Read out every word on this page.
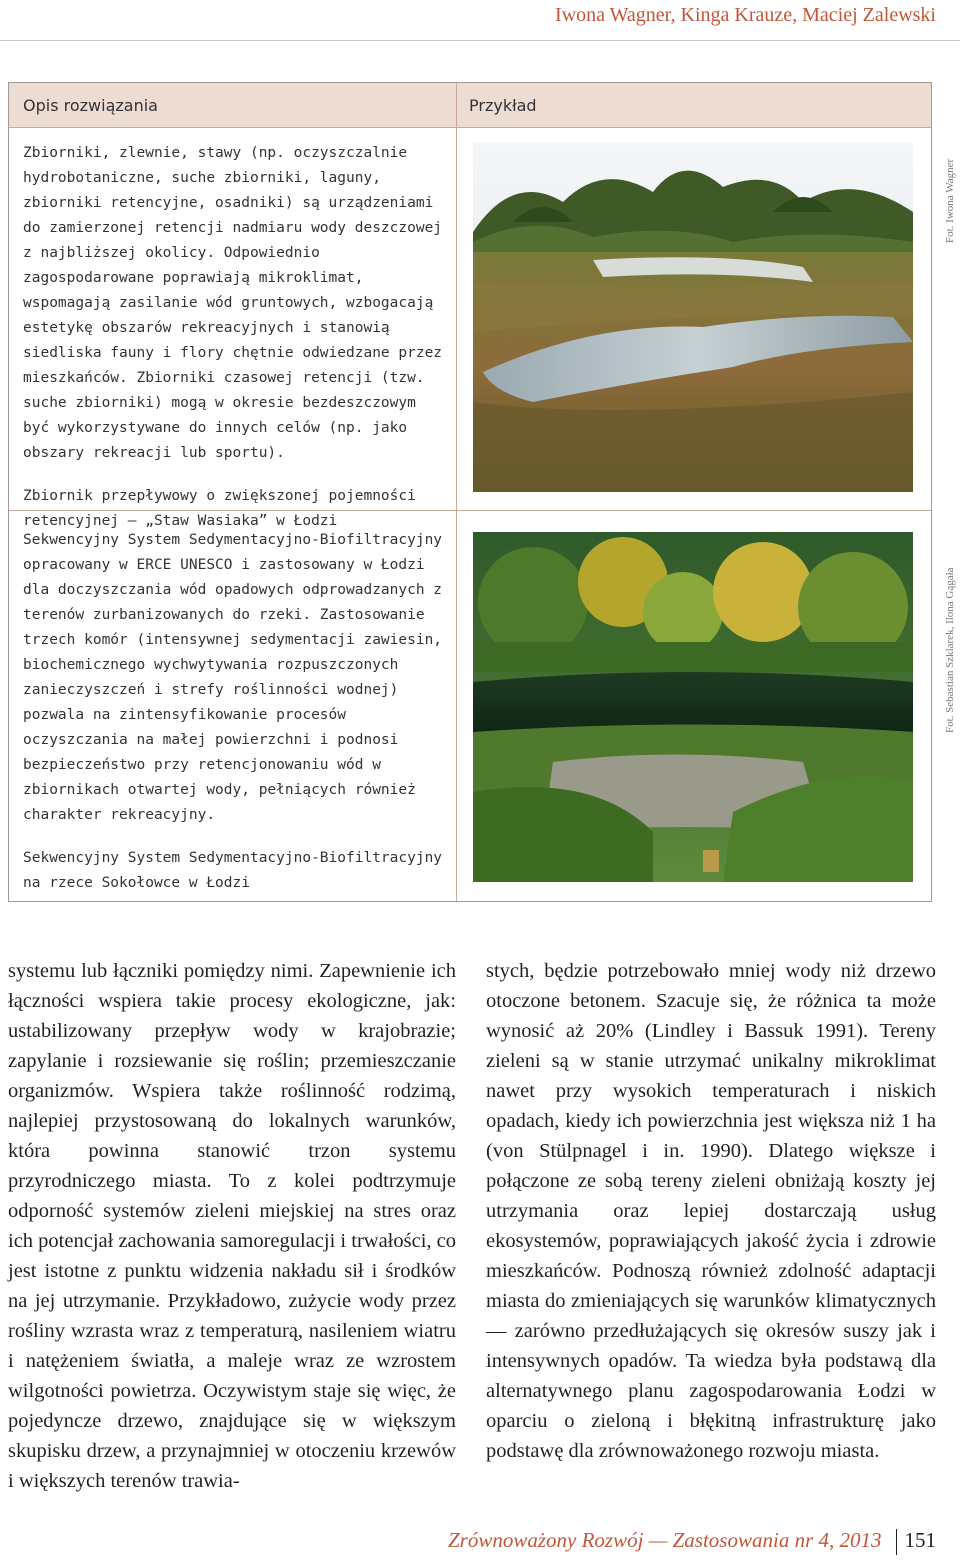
Iwona Wagner, Kinga Krauze, Maciej Zalewski
Opis rozwiązania	Przykład

Zbiorniki, zlewnie, stawy (np. oczyszczalnie hydrobotaniczne, suche zbiorniki, laguny, zbiorniki retencyjne, osadniki) są urządzeniami do zamierzonej retencji nadmiaru wody deszczowej z najbliższej okolicy. Odpowiednio zagospodarowane poprawiają mikroklimat, wspomagają zasilanie wód gruntowych, wzbogacają estetykę obszarów rekreacyjnych i stanowią siedliska fauny i flory chętnie odwiedzane przez mieszkańców. Zbiorniki czasowej retencji (tzw. suche zbiorniki) mogą w okresie bezdeszczowym być wykorzystywane do innych celów (np. jako obszary rekreacji lub sportu).

Zbiornik przepływowy o zwiększonej pojemności retencyjnej — „Staw Wasiaka” w Łodzi

Fot. Iwona Wagner

Sekwencyjny System Sedymentacyjno-Biofiltracyjny opracowany w ERCE UNESCO i zastosowany w Łodzi dla doczyszczania wód opadowych odprowadzanych z terenów zurbanizowanych do rzeki. Zastosowanie trzech komór (intensywnej sedymentacji zawiesin, biochemicznego wychwytywania rozpuszczonych zanieczyszczeń i strefy roślinności wodnej) pozwala na zintensyfikowanie procesów oczyszczania na małej powierzchni i podnosi bezpieczeństwo przy retencjonowaniu wód w zbiornikach otwartej wody, pełniących również charakter rekreacyjny.

Sekwencyjny System Sedymentacyjno-Biofiltracyjny na rzece Sokołowce w Łodzi

Fot. Sebastian Szklarek, Ilona Gągała

systemu lub łączniki pomiędzy nimi. Zapewnienie ich łączności wspiera takie procesy ekologiczne, jak: ustabilizowany przepływ wody w krajobrazie; zapylanie i rozsiewanie się roślin; przemieszczanie organizmów. Wspiera także roślinność rodzimą, najlepiej przystosowaną do lokalnych warunków, która powinna stanowić trzon systemu przyrodniczego miasta. To z kolei podtrzymuje odporność systemów zieleni miejskiej na stres oraz ich potencjał zachowania samoregulacji i trwałości, co jest istotne z punktu widzenia nakładu sił i środków na jej utrzymanie. Przykładowo, zużycie wody przez rośliny wzrasta wraz z temperaturą, nasileniem wiatru i natężeniem światła, a maleje wraz ze wzrostem wilgotności powietrza. Oczywistym staje się więc, że pojedyncze drzewo, znajdujące się w większym skupisku drzew, a przynajmniej w otoczeniu krzewów i większych terenów trawia-

stych, będzie potrzebowało mniej wody niż drzewo otoczone betonem. Szacuje się, że różnica ta może wynosić aż 20% (Lindley i Bassuk 1991). Tereny zieleni są w stanie utrzymać unikalny mikroklimat nawet przy wysokich temperaturach i niskich opadach, kiedy ich powierzchnia jest większa niż 1 ha (von Stülpnagel i in. 1990). Dlatego większe i połączone ze sobą tereny zieleni obniżają koszty jej utrzymania oraz lepiej dostarczają usług ekosystemów, poprawiających jakość życia i zdrowie mieszkańców. Podnoszą również zdolność adaptacji miasta do zmieniających się warunków klimatycznych — zarówno przedłużających się okresów suszy jak i intensywnych opadów. Ta wiedza była podstawą dla alternatywnego planu zagospodarowania Łodzi w oparciu o zieloną i błękitną infrastrukturę jako podstawę dla zrównoważonego rozwoju miasta.

Zrównoważony Rozwój — Zastosowania nr 4, 2013 151
